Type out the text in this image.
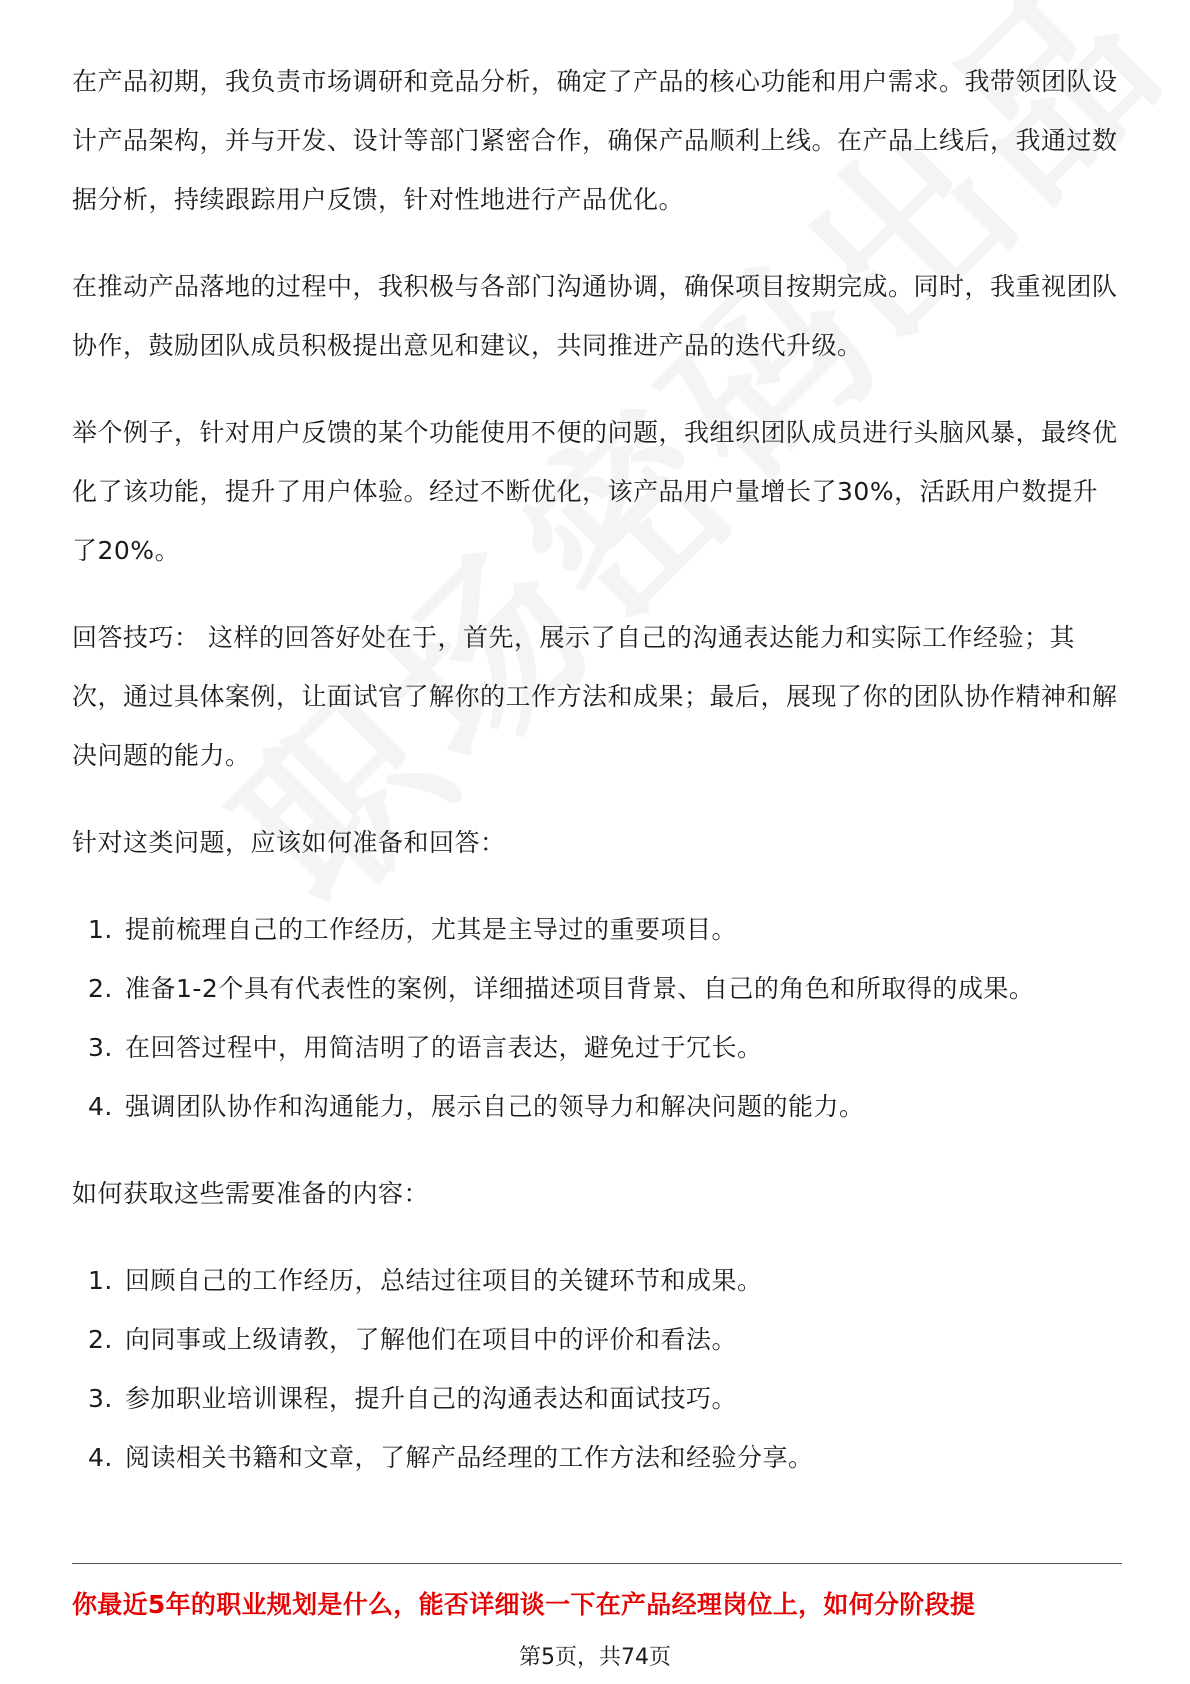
在产品初期，我负责市场调研和竞品分析，确定了产品的核心功能和用户需求。我带领团队设计产品架构，并与开发、设计等部门紧密合作，确保产品顺利上线。在产品上线后，我通过数据分析，持续跟踪用户反馈，针对性地进行产品优化。

在推动产品落地的过程中，我积极与各部门沟通协调，确保项目按期完成。同时，我重视团队协作，鼓励团队成员积极提出意见和建议，共同推进产品的迭代升级。

举个例子，针对用户反馈的某个功能使用不便的问题，我组织团队成员进行头脑风暴，最终优化了该功能，提升了用户体验。经过不断优化，该产品用户量增长了30%，活跃用户数提升了20%。

回答技巧： 这样的回答好处在于，首先，展示了自己的沟通表达能力和实际工作经验；其次，通过具体案例，让面试官了解你的工作方法和成果；最后，展现了你的团队协作精神和解决问题的能力。

针对这类问题，应该如何准备和回答：

1. 提前梳理自己的工作经历，尤其是主导过的重要项目。
2. 准备1-2个具有代表性的案例，详细描述项目背景、自己的角色和所取得的成果。
3. 在回答过程中，用简洁明了的语言表达，避免过于冗长。
4. 强调团队协作和沟通能力，展示自己的领导力和解决问题的能力。

如何获取这些需要准备的内容：

1. 回顾自己的工作经历，总结过往项目的关键环节和成果。
2. 向同事或上级请教，了解他们在项目中的评价和看法。
3. 参加职业培训课程，提升自己的沟通表达和面试技巧。
4. 阅读相关书籍和文章，了解产品经理的工作方法和经验分享。
你最近5年的职业规划是什么，能否详细谈一下在产品经理岗位上，如何分阶段提
第5页，共74页
